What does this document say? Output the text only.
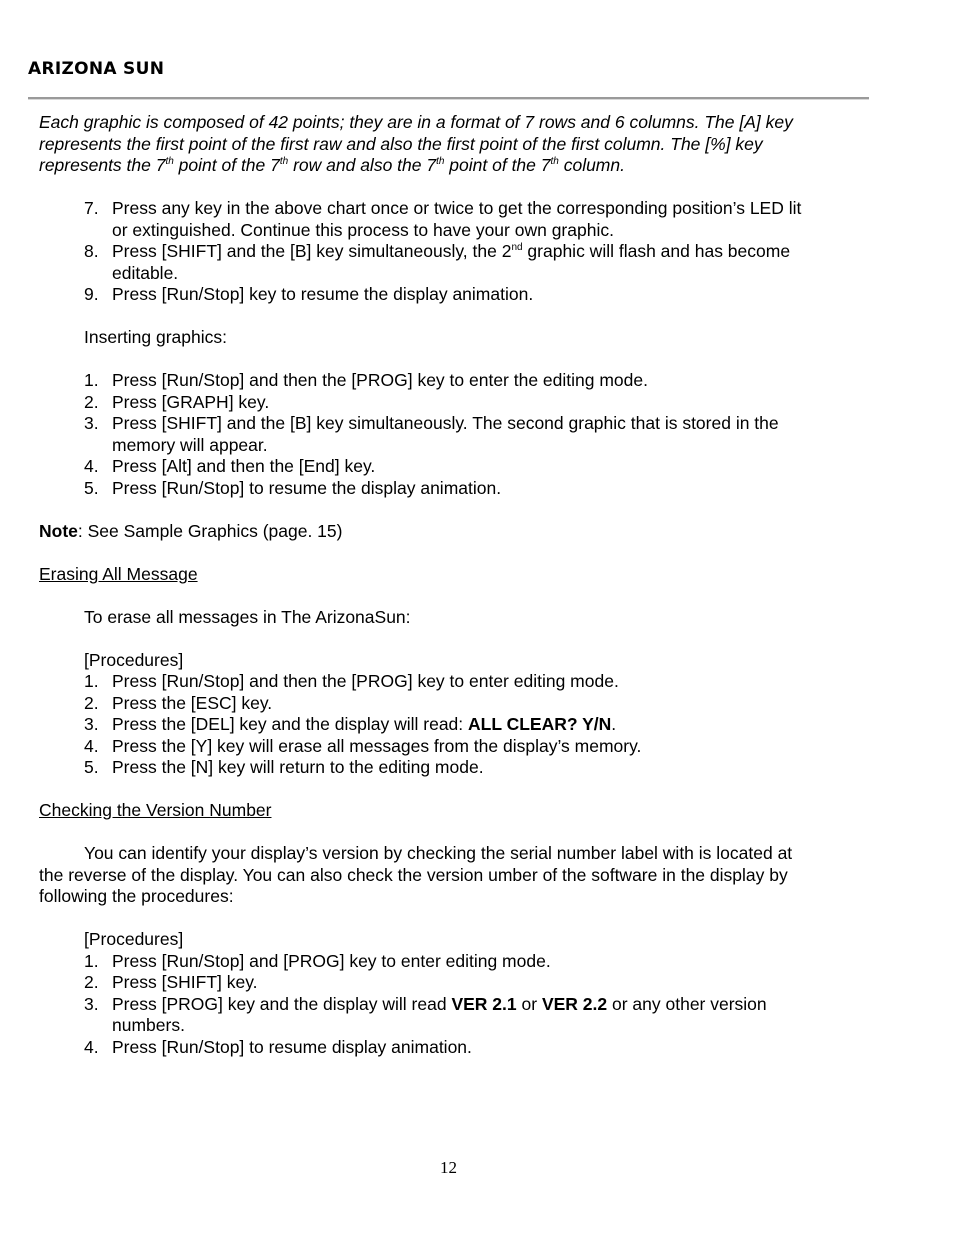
ARIZONA SUN
Each graphic is composed of 42 points; they are in a format of 7 rows and 6 columns. The [A] key
represents the first point of the first raw and also the first point of the first column. The [%] key
represents the 7th point of the 7th row and also the 7th point of the 7th column.
7. Press any key in the above chart once or twice to get the corresponding position’s LED lit
or extinguished. Continue this process to have your own graphic.
8. Press [SHIFT] and the [B] key simultaneously, the 2nd graphic will flash and has become
editable.
9. Press [Run/Stop] key to resume the display animation.
Inserting graphics:
1. Press [Run/Stop] and then the [PROG] key to enter the editing mode.
2. Press [GRAPH] key.
3. Press [SHIFT] and the [B] key simultaneously. The second graphic that is stored in the
memory will appear.
4. Press [Alt] and then the [End] key.
5. Press [Run/Stop] to resume the display animation.
Note: See Sample Graphics (page. 15)
Erasing All Message
To erase all messages in The ArizonaSun:
[Procedures]
1. Press [Run/Stop] and then the [PROG] key to enter editing mode.
2. Press the [ESC] key.
3. Press the [DEL] key and the display will read: ALL CLEAR? Y/N.
4. Press the [Y] key will erase all messages from the display’s memory.
5. Press the [N] key will return to the editing mode.
Checking the Version Number
You can identify your display’s version by checking the serial number label with is located at
the reverse of the display. You can also check the version umber of the software in the display by
following the procedures:
[Procedures]
1. Press [Run/Stop] and [PROG] key to enter editing mode.
2. Press [SHIFT] key.
3. Press [PROG] key and the display will read VER 2.1 or VER 2.2 or any other version
numbers.
4. Press [Run/Stop] to resume display animation.
12
